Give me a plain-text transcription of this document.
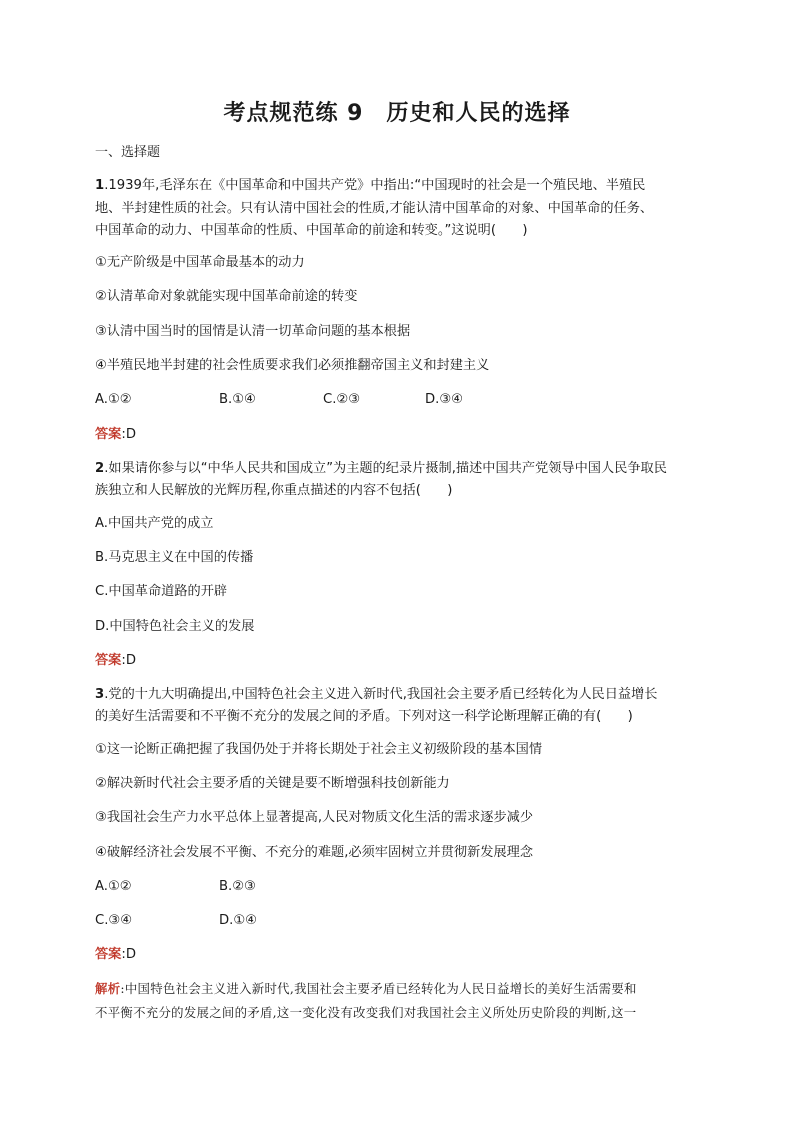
考点规范练 9　历史和人民的选择
一、选择题
1.1939年,毛泽东在《中国革命和中国共产党》中指出:“中国现时的社会是一个殖民地、半殖民
地、半封建性质的社会。只有认清中国社会的性质,才能认清中国革命的对象、中国革命的任务、
中国革命的动力、中国革命的性质、中国革命的前途和转变。”这说明(　　)
①无产阶级是中国革命最基本的动力
②认清革命对象就能实现中国革命前途的转变
③认清中国当时的国情是认清一切革命问题的基本根据
④半殖民地半封建的社会性质要求我们必须推翻帝国主义和封建主义
A.①②	B.①④	C.②③	D.③④
答案:D
2.如果请你参与以“中华人民共和国成立”为主题的纪录片摄制,描述中国共产党领导中国人民争取民
族独立和人民解放的光辉历程,你重点描述的内容不包括(　　)
A.中国共产党的成立
B.马克思主义在中国的传播
C.中国革命道路的开辟
D.中国特色社会主义的发展
答案:D
3.党的十九大明确提出,中国特色社会主义进入新时代,我国社会主要矛盾已经转化为人民日益增长
的美好生活需要和不平衡不充分的发展之间的矛盾。下列对这一科学论断理解正确的有(　　)
①这一论断正确把握了我国仍处于并将长期处于社会主义初级阶段的基本国情
②解决新时代社会主要矛盾的关键是要不断增强科技创新能力
③我国社会生产力水平总体上显著提高,人民对物质文化生活的需求逐步减少
④破解经济社会发展不平衡、不充分的难题,必须牢固树立并贯彻新发展理念
A.①②	B.②③
C.③④	D.①④
答案:D
解析:中国特色社会主义进入新时代,我国社会主要矛盾已经转化为人民日益增长的美好生活需要和
不平衡不充分的发展之间的矛盾,这一变化没有改变我们对我国社会主义所处历史阶段的判断,这一
